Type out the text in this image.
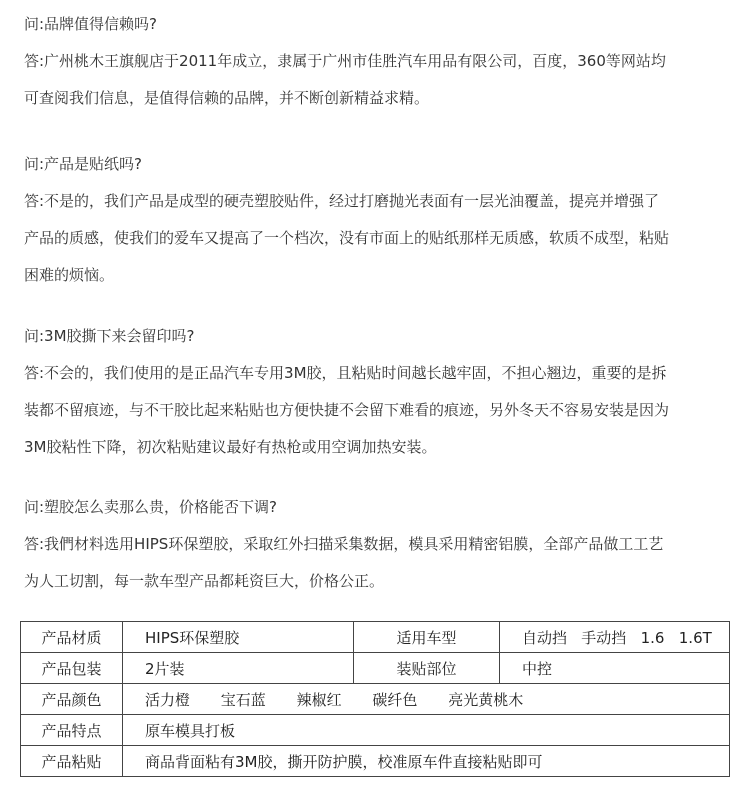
问:品牌值得信赖吗?
答:广州桃木王旗舰店于2011年成立，隶属于广州市佳胜汽车用品有限公司，百度，360等网站均
可查阅我们信息，是值得信赖的品牌，并不断创新精益求精。
问:产品是贴纸吗?
答:不是的，我们产品是成型的硬壳塑胶贴件，经过打磨抛光表面有一层光油覆盖，提亮并增强了
产品的质感，使我们的爱车又提高了一个档次，没有市面上的贴纸那样无质感，软质不成型，粘贴
困难的烦恼。
问:3M胶撕下来会留印吗?
答:不会的，我们使用的是正品汽车专用3M胶，且粘贴时间越长越牢固，不担心翘边，重要的是拆
装都不留痕迹，与不干胶比起来粘贴也方便快捷不会留下难看的痕迹，另外冬天不容易安装是因为
3M胶粘性下降，初次粘贴建议最好有热枪或用空调加热安装。
问:塑胶怎么卖那么贵，价格能否下调?
答:我們材料选用HIPS环保塑胶，采取红外扫描采集数据，模具采用精密铝膜，全部产品做工工艺
为人工切割，每一款车型产品都耗资巨大，价格公正。
产品材质	HIPS环保塑胶	适用车型	自动挡   手动挡   1.6   1.6T
产品包装	2片装	装贴部位	中控
产品颜色	活力橙 宝石蓝 辣椒红 碳纤色 亮光黄桃木		
产品特点	原车模具打板		
产品粘贴	商品背面粘有3M胶，撕开防护膜，校准原车件直接粘贴即可		
